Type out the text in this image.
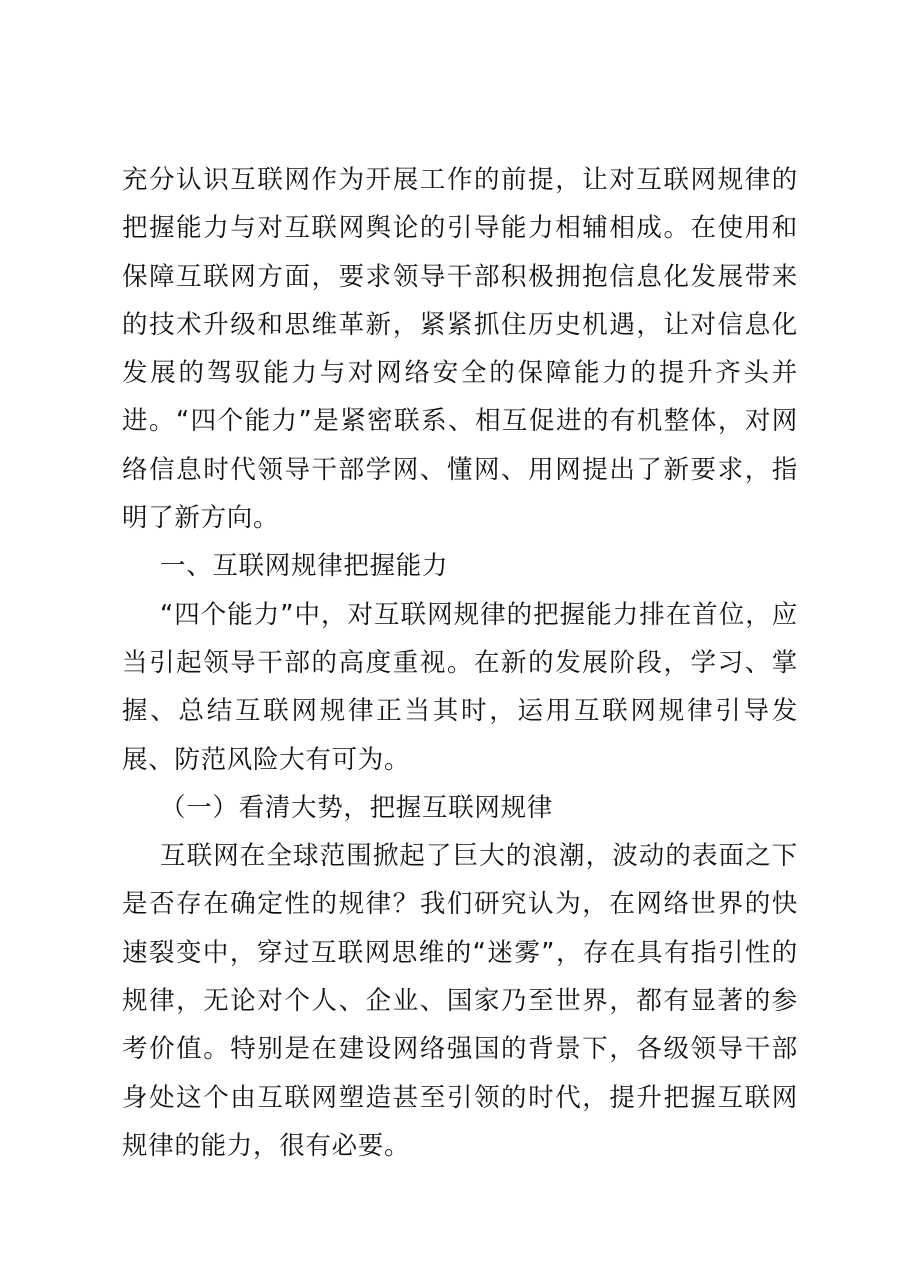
充分认识互联网作为开展工作的前提，让对互联网规律的把握能力与对互联网舆论的引导能力相辅相成。在使用和保障互联网方面，要求领导干部积极拥抱信息化发展带来的技术升级和思维革新，紧紧抓住历史机遇，让对信息化发展的驾驭能力与对网络安全的保障能力的提升齐头并进。“四个能力”是紧密联系、相互促进的有机整体，对网络信息时代领导干部学网、懂网、用网提出了新要求，指明了新方向。

一、互联网规律把握能力

“四个能力”中，对互联网规律的把握能力排在首位，应当引起领导干部的高度重视。在新的发展阶段，学习、掌握、总结互联网规律正当其时，运用互联网规律引导发展、防范风险大有可为。

（一）看清大势，把握互联网规律

互联网在全球范围掀起了巨大的浪潮，波动的表面之下是否存在确定性的规律？我们研究认为，在网络世界的快速裂变中，穿过互联网思维的“迷雾”，存在具有指引性的规律，无论对个人、企业、国家乃至世界，都有显著的参考价值。特别是在建设网络强国的背景下，各级领导干部身处这个由互联网塑造甚至引领的时代，提升把握互联网规律的能力，很有必要。
